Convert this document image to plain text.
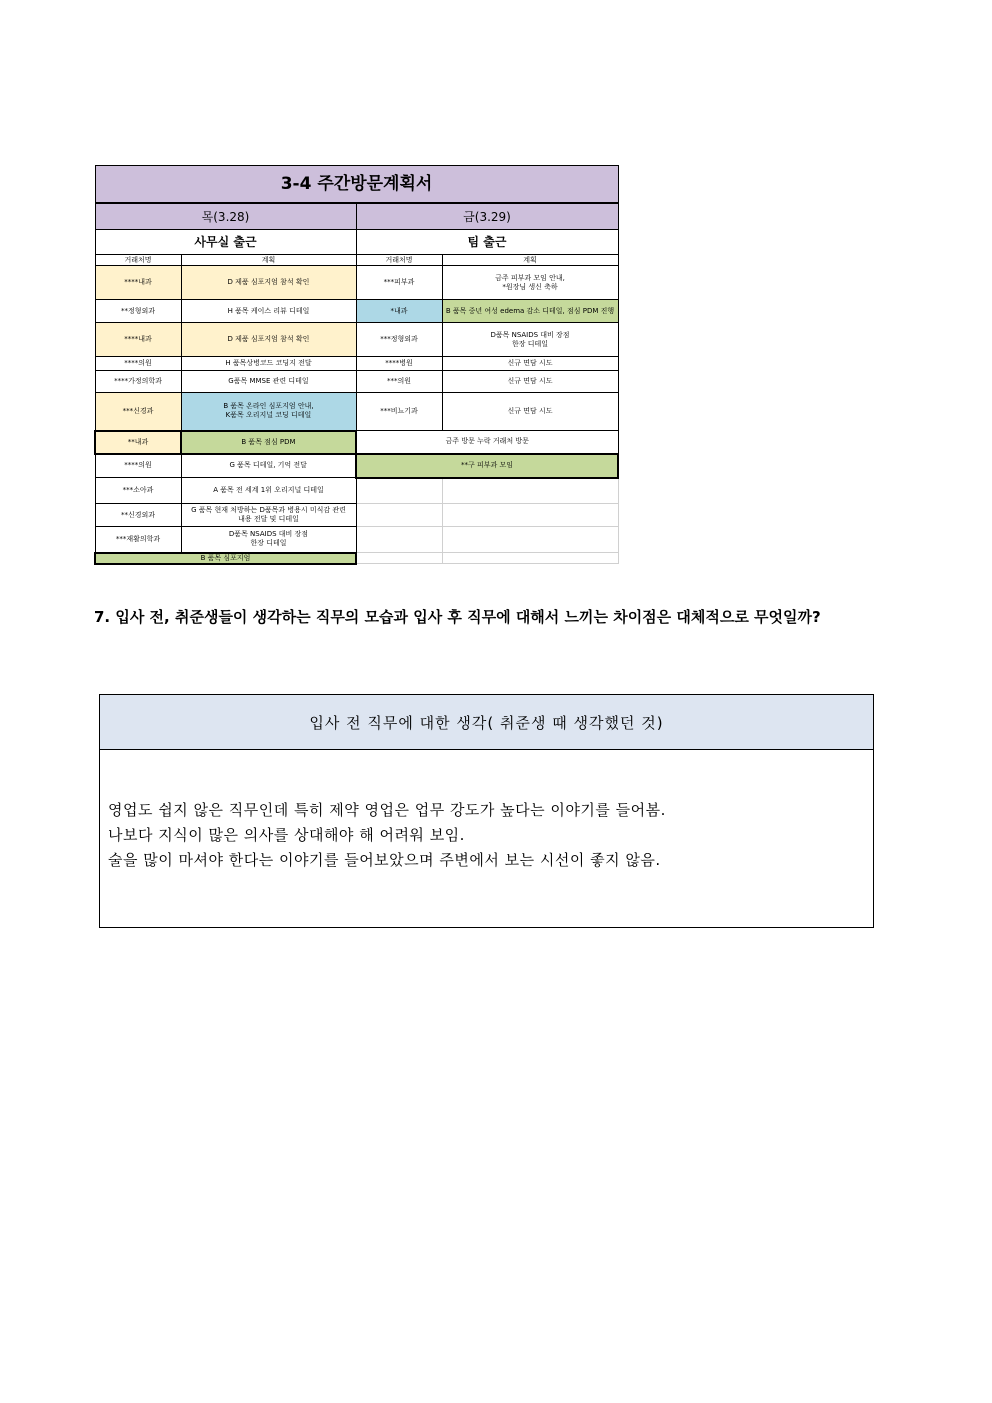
3-4 주간방문계획서			
목(3.28)		금(3.29)	
사무실 출근		팀 출근	
거래처명	계획	거래처명	계획
****내과	D 제품 심포지엄 참석 확인	***피부과	금주 피부과 모임 안내,
*원장님 생신 축하
**정형외과	H 품목 케이스 리뷰 디테일	*내과	B 품목 중년 여성 edema 감소 디테일, 점심 PDM 진행
****내과	D 제품 심포지엄 참석 확인	***정형외과	D품목 NSAIDS 대비 장점
한장 디테일
****의원	H 품목상병코드 코딩지 전달	****병원	신규 면담 시도
****가정의학과	G품목 MMSE 관련 디테일	***의원	신규 면담 시도
***신경과	B 품목 온라인 심포지엄 안내,
K품목 오리지널 코딩 디테일	***비뇨기과	신규 면담 시도
**내과	B 품목 점심 PDM	금주 방문 누락 거래처 방문	
****의원	G 품목 디테일, 기억 전달	**구 피부과 모임	
***소아과	A 품목 전 세계 1위 오리지널 디테일		
**신경외과	G 품목 현재 처방하는 D품목과 병용시 미식감 관련
내용 전달 및 디테일		
***재활의학과	D품목 NSAIDS 대비 장점
한장 디테일		
B 품목 심포지엄			
7. 입사 전, 취준생들이 생각하는 직무의 모습과 입사 후 직무에 대해서 느끼는 차이점은 대체적으로 무엇일까?
입사 전 직무에 대한 생각( 취준생 때 생각했던 것)
영업도 쉽지 않은 직무인데 특히 제약 영업은 업무 강도가 높다는 이야기를 들어봄.
나보다 지식이 많은 의사를 상대해야 해 어려워 보임.
술을 많이 마셔야 한다는 이야기를 들어보았으며 주변에서 보는 시선이 좋지 않음.
